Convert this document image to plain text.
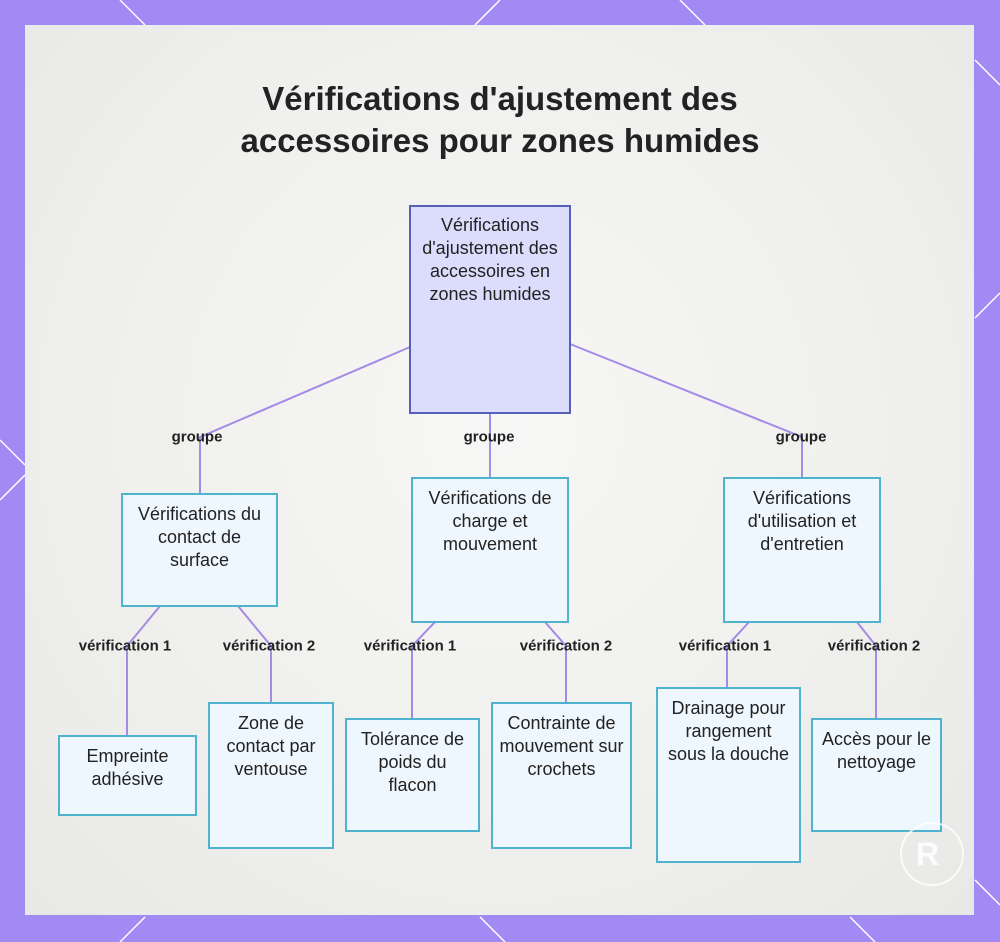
Vérifications d'ajustement des
accessoires pour zones humides
Vérifications d'ajustement des accessoires en zones humides
Vérifications du contact de surface
Vérifications de charge et mouvement
Vérifications d'utilisation et d'entretien
Empreinte adhésive
Zone de contact par ventouse
Tolérance de poids du flacon
Contrainte de mouvement sur crochets
Drainage pour rangement sous la douche
Accès pour le nettoyage
groupe	groupe	groupe
vérification 1	vérification 2	vérification 1	vérification 2	vérification 1	vérification 2
R
